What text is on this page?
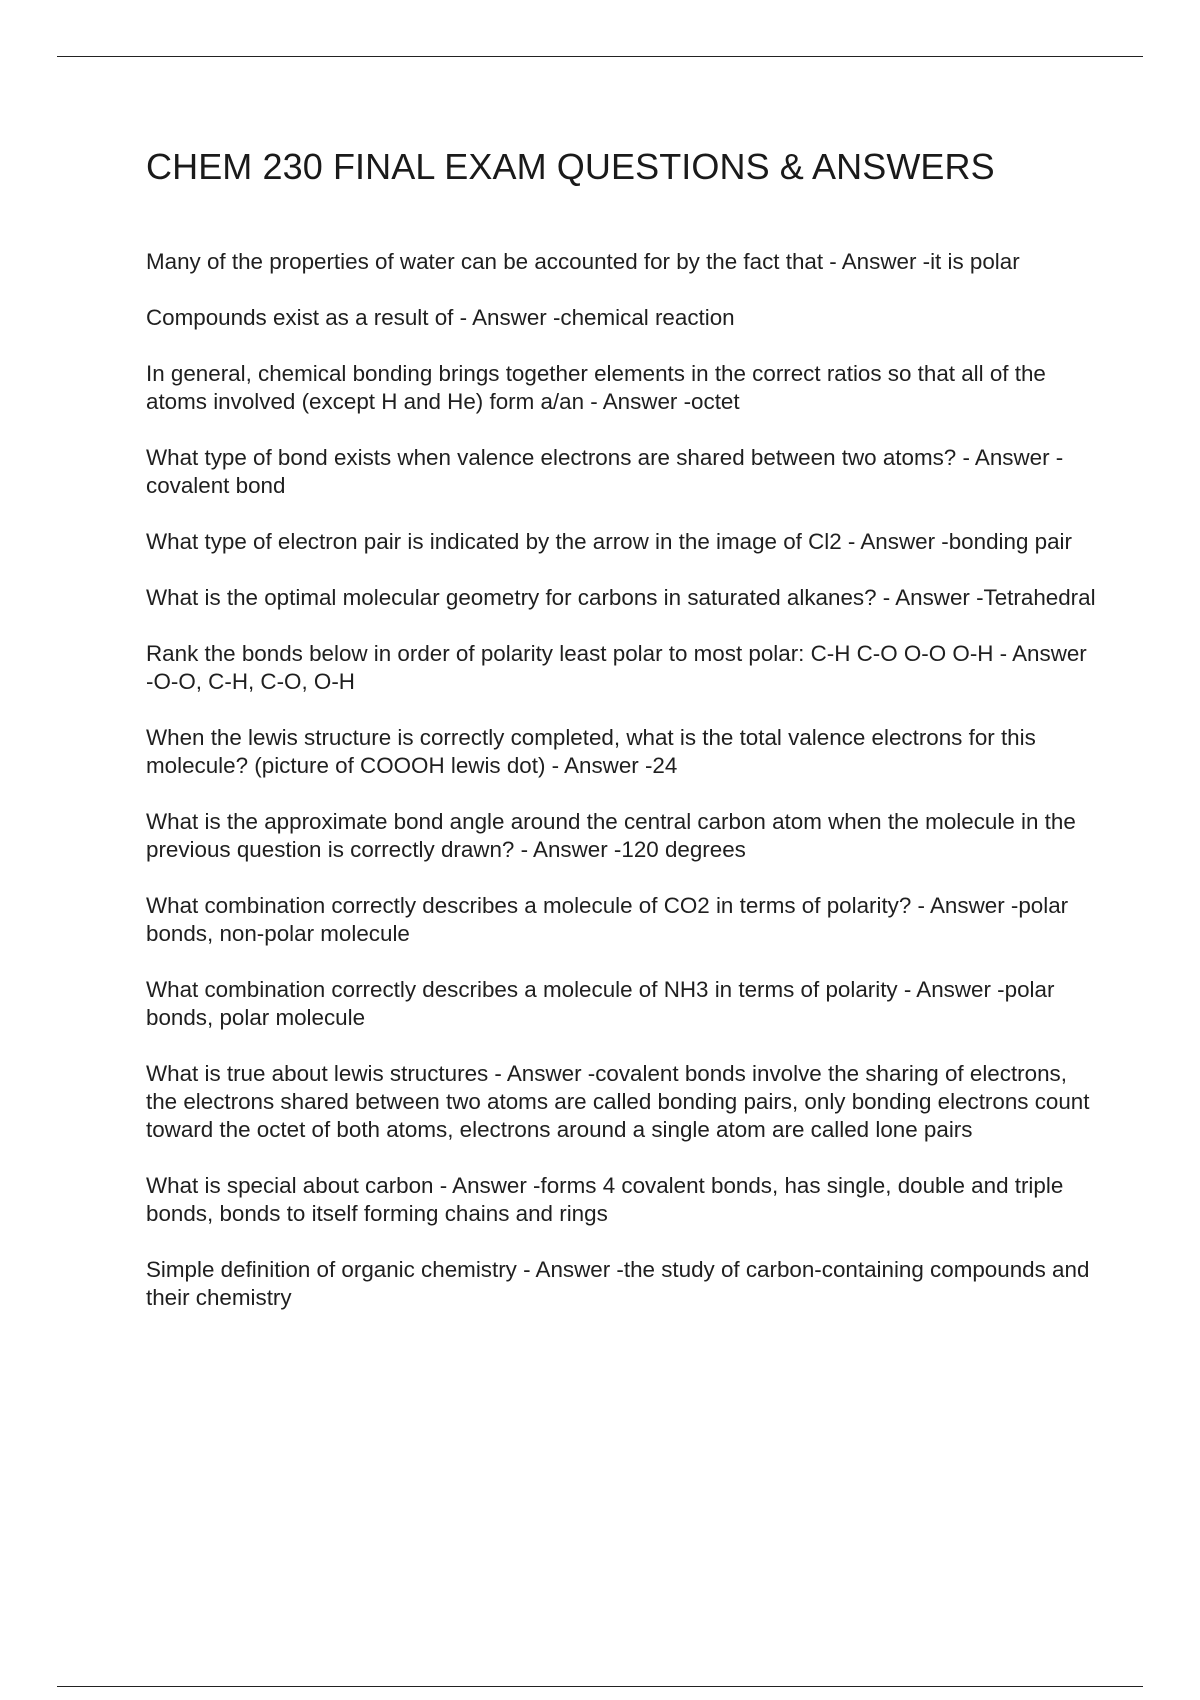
CHEM 230 FINAL EXAM QUESTIONS & ANSWERS

Many of the properties of water can be accounted for by the fact that - Answer -it is polar

Compounds exist as a result of - Answer -chemical reaction

In general, chemical bonding brings together elements in the correct ratios so that all of the atoms involved (except H and He) form a/an - Answer -octet

What type of bond exists when valence electrons are shared between two atoms? - Answer -covalent bond

What type of electron pair is indicated by the arrow in the image of Cl2 - Answer -bonding pair

What is the optimal molecular geometry for carbons in saturated alkanes? - Answer -Tetrahedral

Rank the bonds below in order of polarity least polar to most polar: C-H C-O O-O O-H - Answer -O-O, C-H, C-O, O-H

When the lewis structure is correctly completed, what is the total valence electrons for this molecule? (picture of COOOH lewis dot) - Answer -24

What is the approximate bond angle around the central carbon atom when the molecule in the previous question is correctly drawn? - Answer -120 degrees

What combination correctly describes a molecule of CO2 in terms of polarity? - Answer -polar bonds, non-polar molecule

What combination correctly describes a molecule of NH3 in terms of polarity - Answer -polar bonds, polar molecule

What is true about lewis structures - Answer -covalent bonds involve the sharing of electrons, the electrons shared between two atoms are called bonding pairs, only bonding electrons count toward the octet of both atoms, electrons around a single atom are called lone pairs

What is special about carbon - Answer -forms 4 covalent bonds, has single, double and triple bonds, bonds to itself forming chains and rings

Simple definition of organic chemistry - Answer -the study of carbon-containing compounds and their chemistry
